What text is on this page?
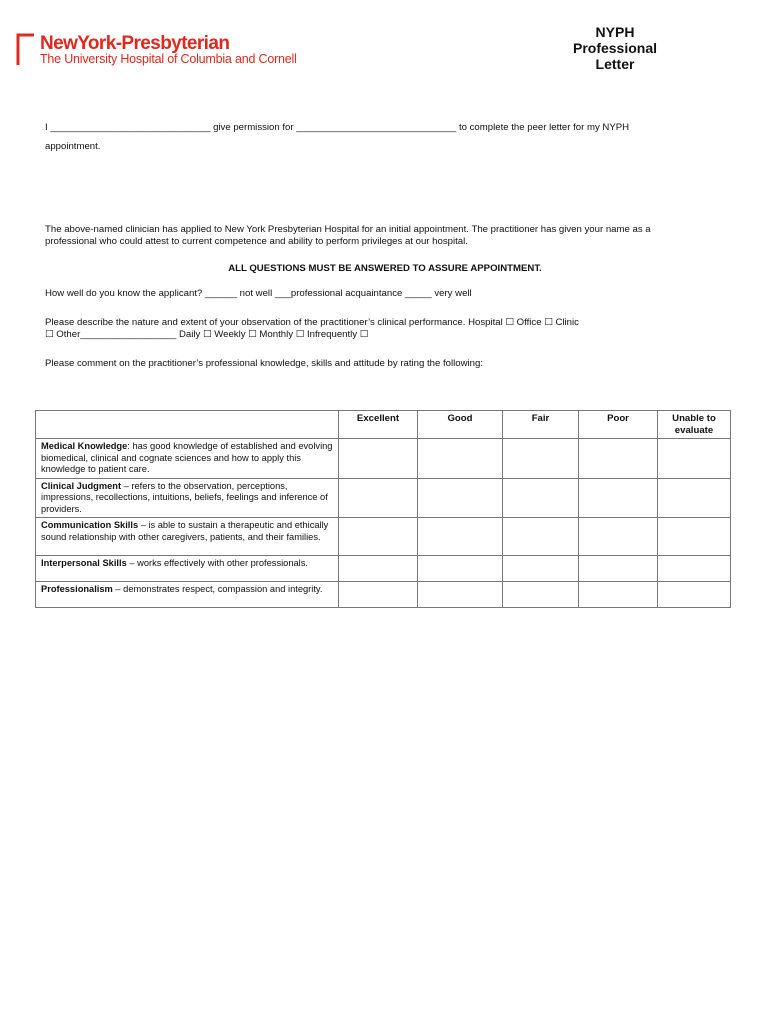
NewYork-Presbyterian
The University Hospital of Columbia and Cornell
NYPH
Professional
Letter
I ______________________________ give permission for ______________________________ to complete the peer letter for my NYPH
appointment.
The above-named clinician has applied to New York Presbyterian Hospital for an initial appointment. The practitioner has given your name as a
professional who could attest to current competence and ability to perform privileges at our hospital.
ALL QUESTIONS MUST BE ANSWERED TO ASSURE APPOINTMENT.
How well do you know the applicant? ______ not well ___professional acquaintance _____ very well
Please describe the nature and extent of your observation of the practitioner’s clinical performance. Hospital ☐ Office ☐ Clinic
☐ Other__________________ Daily ☐ Weekly ☐ Monthly ☐ Infrequently ☐
Please comment on the practitioner’s professional knowledge, skills and attitude by rating the following:
	Excellent	Good	Fair	Poor	Unable to evaluate
Medical Knowledge: has good knowledge of established and evolving biomedical, clinical and cognate sciences and how to apply this knowledge to patient care.					
Clinical Judgment – refers to the observation, perceptions, impressions, recollections, intuitions, beliefs, feelings and inference of providers.					
Communication Skills – is able to sustain a therapeutic and ethically sound relationship with other caregivers, patients, and their families.					
Interpersonal Skills – works effectively with other professionals.					
Professionalism – demonstrates respect, compassion and integrity.					
